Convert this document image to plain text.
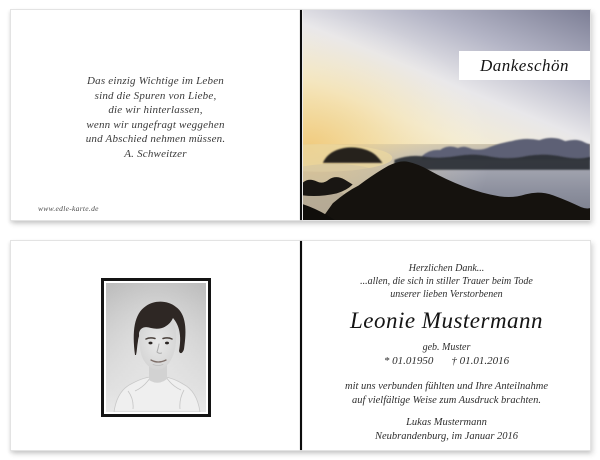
Das einzig Wichtige im Leben
sind die Spuren von Liebe,
die wir hinterlassen,
wenn wir ungefragt weggehen
und Abschied nehmen müssen.
A. Schweitzer
www.edle-karte.de
Dankeschön
Herzlichen Dank...
...allen, die sich in stiller Trauer beim Tode
unserer lieben Verstorbenen
Leonie Mustermann
geb. Muster
* 01.01950 † 01.01.2016
mit uns verbunden fühlten und Ihre Anteilnahme
auf vielfältige Weise zum Ausdruck brachten.
Lukas Mustermann
Neubrandenburg, im Januar 2016
